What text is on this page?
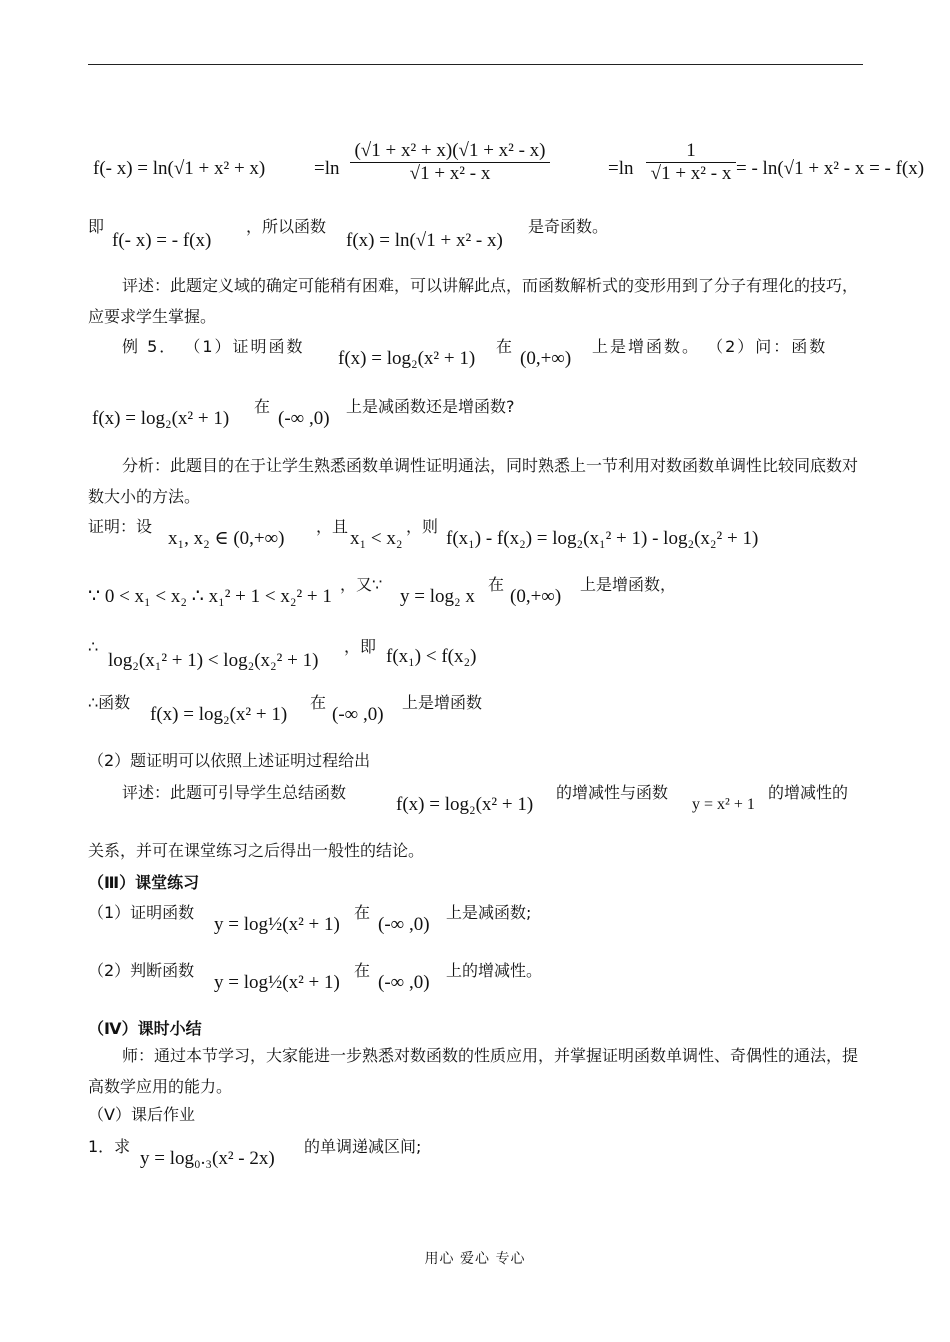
f(- x) = ln(√1 + x² + x)	$=\ln \frac{\text{(√1 + x² + x)(√1 + x² - x)}}{\text{√1 + x² - x}}$	$=\ln \frac{1}{\text{√1 + x² - x}}$ = - ln(√1 + x² - x = - f(x)
即
f(- x) = - f(x)
，所以函数
f(x) = ln(√1 + x² - x)
是奇函数。
评述：此题定义域的确定可能稍有困难，可以讲解此点，而函数解析式的变形用到了分子有理化的技巧，应要求学生掌握。
例 5． （1）证明函数
f(x) = log₂(x² + 1)
在
(0,+∞)
上是增函数。 （2）问：函数
f(x) = log₂(x² + 1)
在
(-∞ ,0)
上是减函数还是增函数?
分析：此题目的在于让学生熟悉函数单调性证明通法，同时熟悉上一节利用对数函数单调性比较同底数对数大小的方法。
证明：设
x₁, x₂ ∈ (0,+∞)
，且
x₁ < x₂
，则
f(x₁) - f(x₂) = log₂(x₁² + 1) - log₂(x₂² + 1)
∵ 0 < x₁ < x₂ ∴ x₁² + 1 < x₂² + 1
，又∵
y = log₂ x
在
(0,+∞)
上是增函数，
∴
log₂(x₁² + 1) < log₂(x₂² + 1)
，即 f(x₁) < f(x₂)
∴函数
f(x) = log₂(x² + 1)
在
(-∞ ,0)
上是增函数
（2）题证明可以依照上述证明过程给出
评述：此题可引导学生总结函数
f(x) = log₂(x² + 1)
的增减性与函数
y = x² + 1
的增减性的
关系，并可在课堂练习之后得出一般性的结论。
（Ⅲ）课堂练习
（1）证明函数
y = log½(x² + 1)
在
(-∞ ,0)
上是减函数;
（2）判断函数
y = log½(x² + 1)
在
(-∞ ,0)
上的增减性。
（Ⅳ）课时小结
师：通过本节学习，大家能进一步熟悉对数函数的性质应用，并掌握证明函数单调性、奇偶性的通法，提高数学应用的能力。
（Ⅴ）课后作业
1．求
y = log₀.₃(x² - 2x)
的单调递减区间;
用心 爱心 专心
